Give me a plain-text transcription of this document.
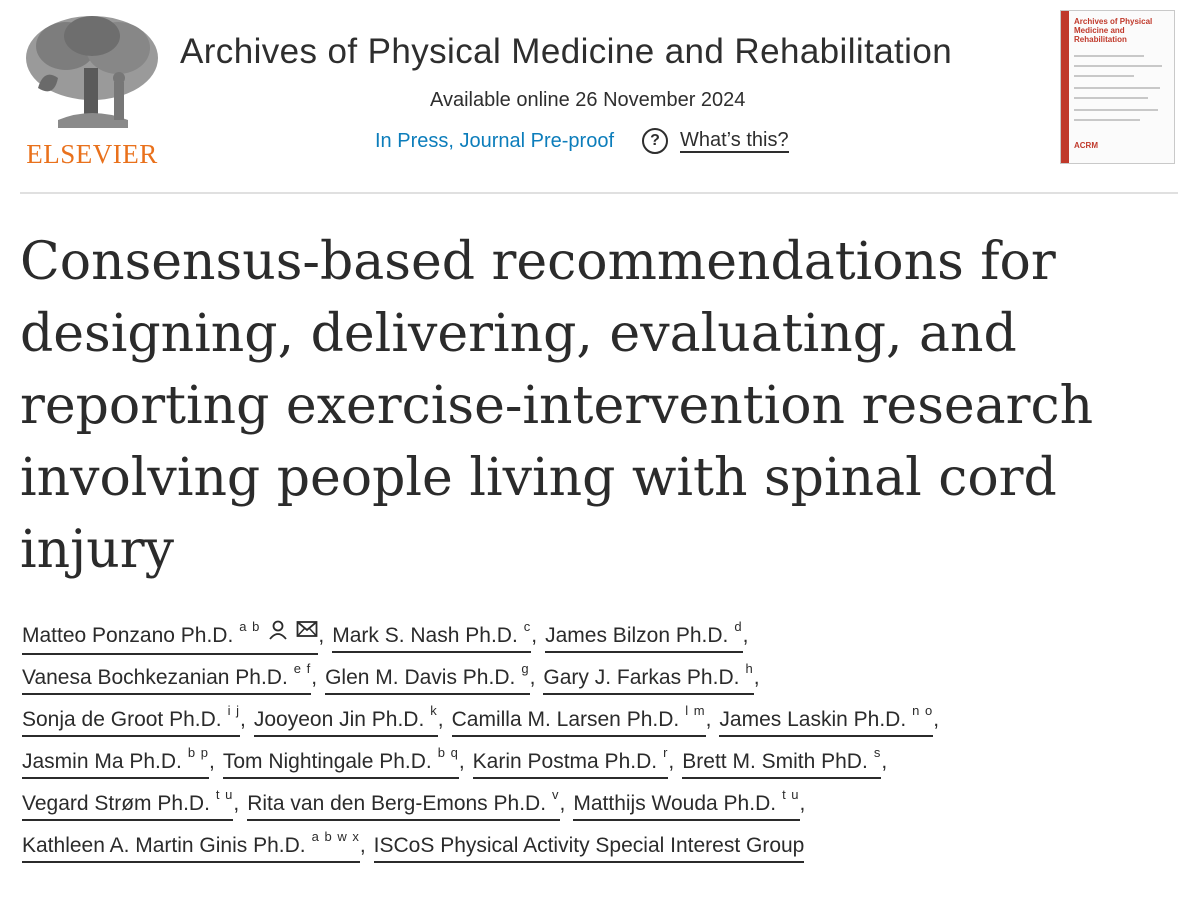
ELSEVIER
Archives of Physical Medicine and Rehabilitation
Available online 26 November 2024
In Press, Journal Pre-proof	?	What’s this?
Archives of Physical Medicine and Rehabilitation
ACRM
Consensus-based recommendations for designing, delivering, evaluating, and reporting exercise-intervention research involving people living with spinal cord injury
Matteo Ponzano Ph.D. $^{a b}$	, Mark S. Nash Ph.D. $^c$ , James Bilzon Ph.D. $^d$ ,
Vanesa Bochkezanian Ph.D. $^{e f}$ , Glen M. Davis Ph.D. $^g$ , Gary J. Farkas Ph.D. $^h$ ,
Sonja de Groot Ph.D. $^{i j}$ , Jooyeon Jin Ph.D. $^k$ , Camilla M. Larsen Ph.D. $^{l m}$ , James Laskin Ph.D. $^{n o}$ ,
Jasmin Ma Ph.D. $^{b p}$ , Tom Nightingale Ph.D. $^{b q}$ , Karin Postma Ph.D. $^r$ , Brett M. Smith PhD. $^s$ ,
Vegard Strøm Ph.D. $^{t u}$ , Rita van den Berg-Emons Ph.D. $^v$ , Matthijs Wouda Ph.D. $^{t u}$ ,
Kathleen A. Martin Ginis Ph.D. $^{a b w x}$ , ISCoS Physical Activity Special Interest Group
